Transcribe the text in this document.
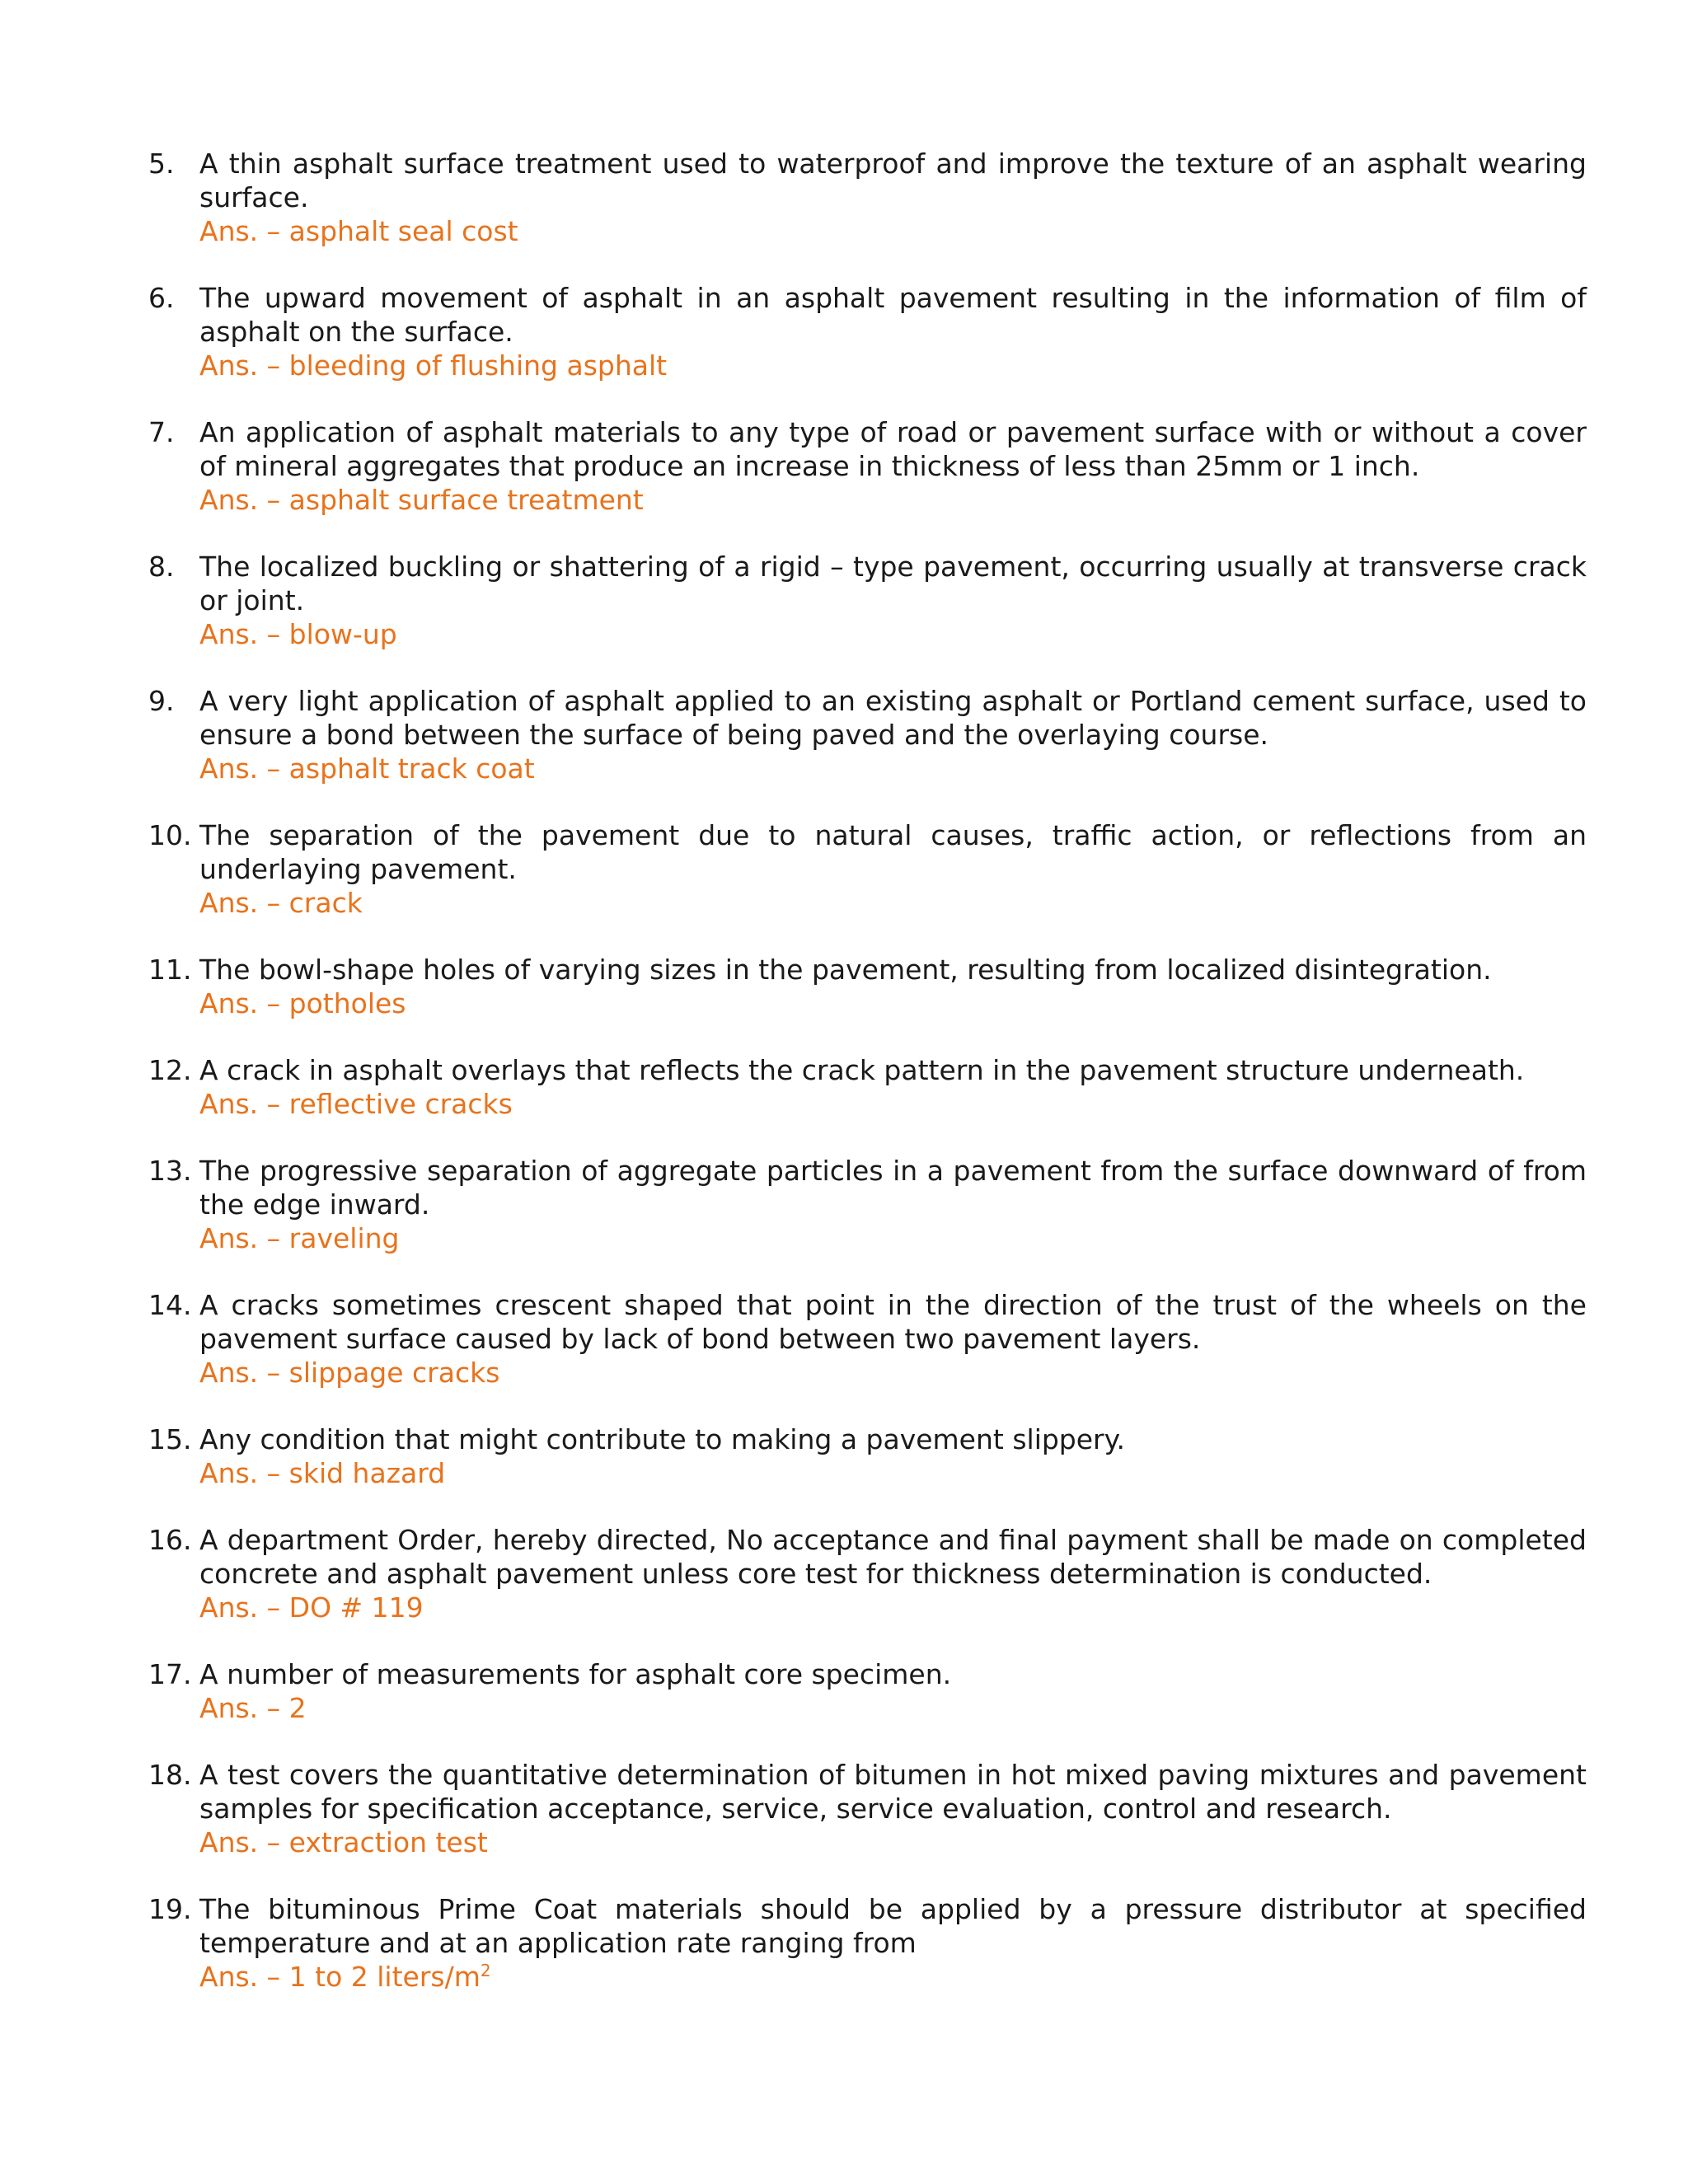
5. A thin asphalt surface treatment used to waterproof and improve the texture of an asphalt wearing surface.
Ans. – asphalt seal cost
6. The upward movement of asphalt in an asphalt pavement resulting in the information of film of asphalt on the surface.
Ans. – bleeding of flushing asphalt
7. An application of asphalt materials to any type of road or pavement surface with or without a cover of mineral aggregates that produce an increase in thickness of less than 25mm or 1 inch.
Ans. – asphalt surface treatment
8. The localized buckling or shattering of a rigid – type pavement, occurring usually at transverse crack or joint.
Ans. – blow-up
9. A very light application of asphalt applied to an existing asphalt or Portland cement surface, used to ensure a bond between the surface of being paved and the overlaying course.
Ans. – asphalt track coat
10. The separation of the pavement due to natural causes, traffic action, or reflections from an underlaying pavement.
Ans. – crack
11. The bowl-shape holes of varying sizes in the pavement, resulting from localized disintegration.
Ans. – potholes
12. A crack in asphalt overlays that reflects the crack pattern in the pavement structure underneath.
Ans. – reflective cracks
13. The progressive separation of aggregate particles in a pavement from the surface downward of from the edge inward.
Ans. – raveling
14. A cracks sometimes crescent shaped that point in the direction of the trust of the wheels on the pavement surface caused by lack of bond between two pavement layers.
Ans. – slippage cracks
15. Any condition that might contribute to making a pavement slippery.
Ans. – skid hazard
16. A department Order, hereby directed, No acceptance and final payment shall be made on completed concrete and asphalt pavement unless core test for thickness determination is conducted.
Ans. – DO # 119
17. A number of measurements for asphalt core specimen.
Ans. – 2
18. A test covers the quantitative determination of bitumen in hot mixed paving mixtures and pavement samples for specification acceptance, service, service evaluation, control and research.
Ans. – extraction test
19. The bituminous Prime Coat materials should be applied by a pressure distributor at specified temperature and at an application rate ranging from
Ans. – 1 to 2 liters/$m^2$
